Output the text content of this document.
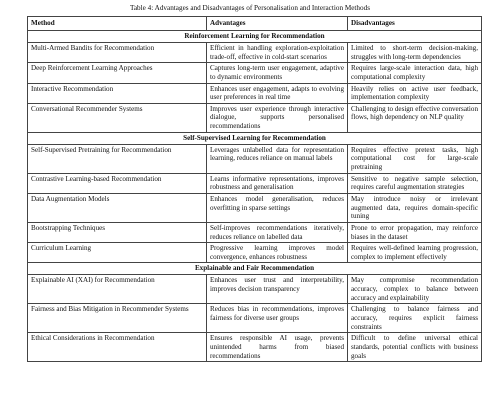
Table 4: Advantages and Disadvantages of Personalisation and Interaction Methods
Method	Advantages	Disadvantages
Reinforcement Learning for Recommendation		
Multi-Armed Bandits for Recommendation	Efficient in handling exploration-exploitation trade-off, effective in cold-start scenarios	Limited to short-term decision-making, struggles with long-term dependencies
Deep Reinforcement Learning Approaches	Captures long-term user engagement, adaptive to dynamic environments	Requires large-scale interaction data, high computational complexity
Interactive Recommendation	Enhances user engagement, adapts to evolving user preferences in real time	Heavily relies on active user feedback, implementation complexity
Conversational Recommender Systems	Improves user experience through interactive dialogue, supports personalised recommendations	Challenging to design effective conversation flows, high dependency on NLP quality
Self-Supervised Learning for Recommendation		
Self-Supervised Pretraining for Recommendation	Leverages unlabelled data for representation learning, reduces reliance on manual labels	Requires effective pretext tasks, high computational cost for large-scale pretraining
Contrastive Learning-based Recommendation	Learns informative representations, improves robustness and generalisation	Sensitive to negative sample selection, requires careful augmentation strategies
Data Augmentation Models	Enhances model generalisation, reduces overfitting in sparse settings	May introduce noisy or irrelevant augmented data, requires domain-specific tuning
Bootstrapping Techniques	Self-improves recommendations iteratively, reduces reliance on labelled data	Prone to error propagation, may reinforce biases in the dataset
Curriculum Learning	Progressive learning improves model convergence, enhances robustness	Requires well-defined learning progression, complex to implement effectively
Explainable and Fair Recommendation		
Explainable AI (XAI) for Recommendation	Enhances user trust and interpretability, improves decision transparency	May compromise recommendation accuracy, complex to balance between accuracy and explainability
Fairness and Bias Mitigation in Recommender Systems	Reduces bias in recommendations, improves fairness for diverse user groups	Challenging to balance fairness and accuracy, requires explicit fairness constraints
Ethical Considerations in Recommendation	Ensures responsible AI usage, prevents unintended harms from biased recommendations	Difficult to define universal ethical standards, potential conflicts with business goals
